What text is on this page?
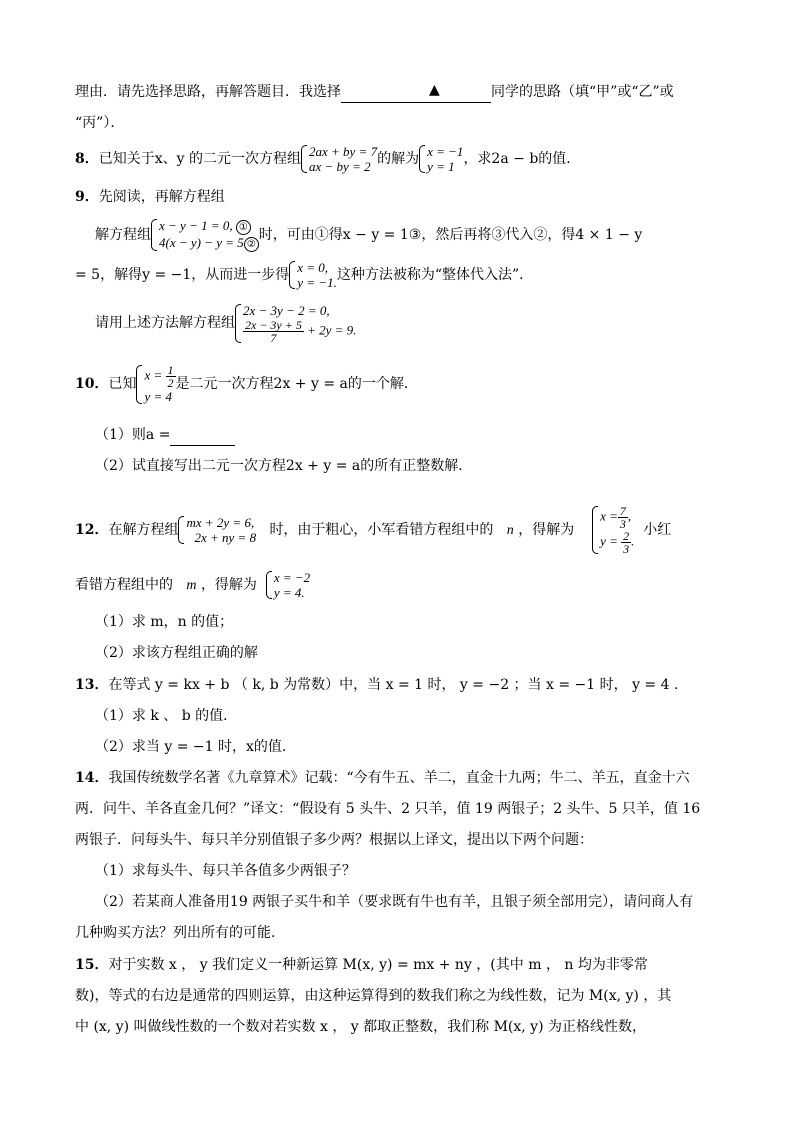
理由．请先选择思路，再解答题目．我选择	▲	同学的思路（填“甲”或“乙”或
“丙”）．
8．已知关于x、y 的二元一次方程组 2ax + by = 7
ax − by = 2 的解为 x = −1
y = 1 ，求2a − b的值．
9．先阅读，再解方程组
解方程组
x − y − 1 = 0, ①
4(x − y) − y = 5 ②
时，可由①得x − y = 1③，然后再将③代入②，得4 × 1 − y
= 5，解得y = −1，从而进一步得 x = 0,
y = −1. 这种方法被称为“整体代入法”.
请用上述方法解方程组
2x − 3y − 2 = 0,
$\frac{2x - 3y + 5}{7} + 2y = 9$.
10．已知
$x = \frac{1}{2}$
y = 4
是二元一次方程2x + y = a的一个解．
（1）则a =
（2）试直接写出二元一次方程2x + y = a的所有正整数解．
12．在解方程组 mx + 2y = 6,
2x + ny = 8 时，由于粗心，小军看错方程组中的 n ，得解为
$x = \frac{7}{3}$ ,
$y = \frac{2}{3}$ .
小红
看错方程组中的 m ，得解为 x = −2
y = 4.
（1）求 m，n 的值；
（2）求该方程组正确的解
13．在等式 y = kx + b （ k, b 为常数）中，当 x = 1 时， y = −2 ；当 x = −1 时， y = 4 .
（1）求 k 、 b 的值．
（2）求当 y = −1 时，x的值．
14．我国传统数学名著《九章算术》记载：“今有牛五、羊二，直金十九两；牛二、羊五，直金十六
两．问牛、羊各直金几何？”译文：“假设有 5 头牛、2 只羊，值 19 两银子；2 头牛、5 只羊，值 16
两银子．问每头牛、每只羊分别值银子多少两？根据以上译文，提出以下两个问题：
（1）求每头牛、每只羊各值多少两银子？
（2）若某商人准备用19 两银子买牛和羊（要求既有牛也有羊，且银子须全部用完），请问商人有
几种购买方法？列出所有的可能．
15．对于实数 x ， y 我们定义一种新运算 M(x, y) = mx + ny ，(其中 m ， n 均为非零常
数)，等式的右边是通常的四则运算，由这种运算得到的数我们称之为线性数，记为 M(x, y) ，其
中 (x, y) 叫做线性数的一个数对若实数 x ， y 都取正整数，我们称 M(x, y) 为正格线性数，
